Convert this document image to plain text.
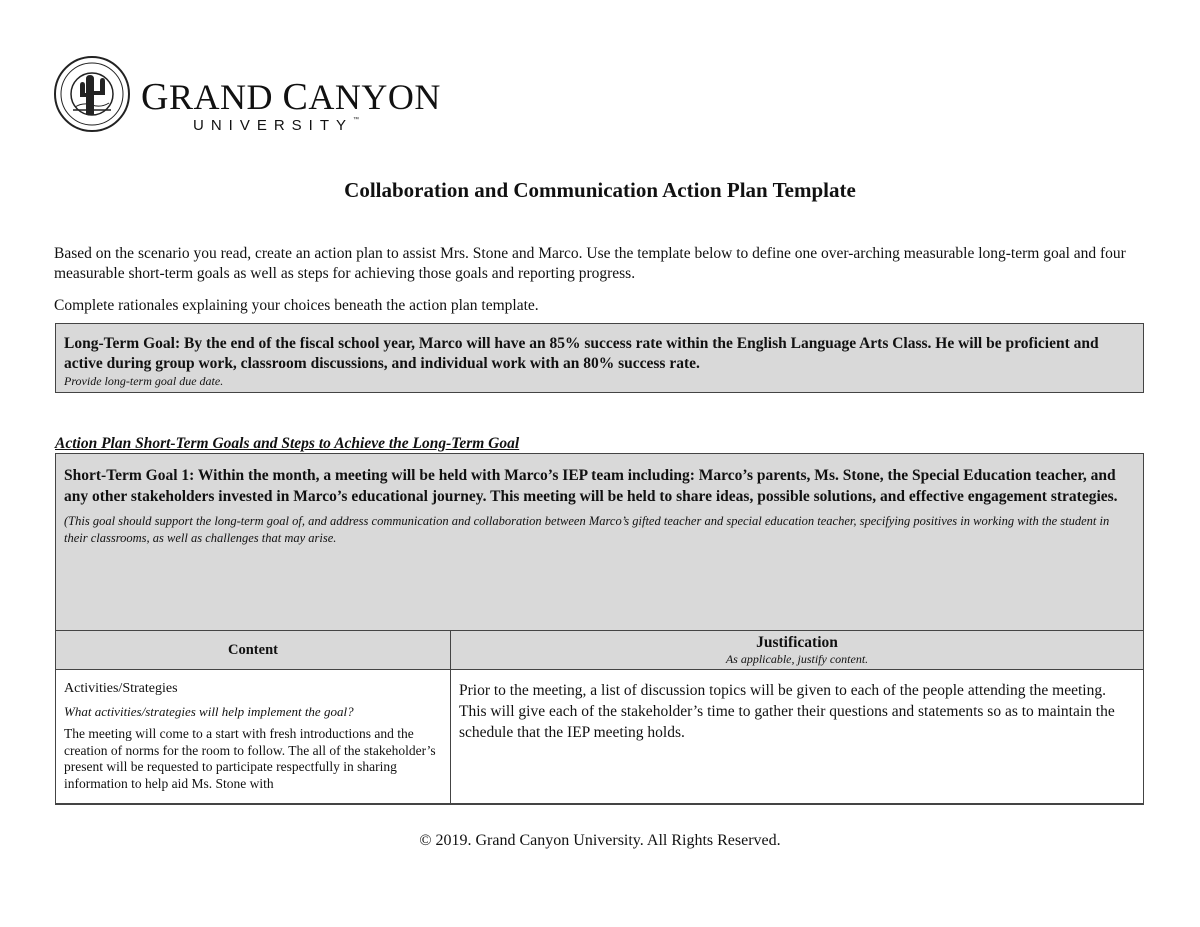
GRAND CANYON
UNIVERSITY™
Collaboration and Communication Action Plan Template

Based on the scenario you read, create an action plan to assist Mrs. Stone and Marco. Use the template below to define one over-arching measurable long-term goal and four measurable short-term goals as well as steps for achieving those goals and reporting progress.

Complete rationales explaining your choices beneath the action plan template.

Long-Term Goal: By the end of the fiscal school year, Marco will have an 85% success rate within the English Language Arts Class. He will be proficient and active during group work, classroom discussions, and individual work with an 80% success rate.
Provide long-term goal due date.
Action Plan Short-Term Goals and Steps to Achieve the Long-Term Goal
Short-Term Goal 1: Within the month, a meeting will be held with Marco’s IEP team including: Marco’s parents, Ms. Stone, the Special Education teacher, and any other stakeholders invested in Marco’s educational journey. This meeting will be held to share ideas, possible solutions, and effective engagement strategies.
(This goal should support the long-term goal of, and address communication and collaboration between Marco’s gifted teacher and special education teacher, specifying positives in working with the student in their classrooms, as well as challenges that may arise.
Content	Justification
As applicable, justify content.
Activities/Strategies
What activities/strategies will help implement the goal?
The meeting will come to a start with fresh introductions and the creation of norms for the room to follow. The all of the stakeholder’s present will be requested to participate respectfully in sharing information to help aid Ms. Stone with
Prior to the meeting, a list of discussion topics will be given to each of the people attending the meeting. This will give each of the stakeholder’s time to gather their questions and statements so as to maintain the schedule that the IEP meeting holds.
© 2019. Grand Canyon University. All Rights Reserved.
